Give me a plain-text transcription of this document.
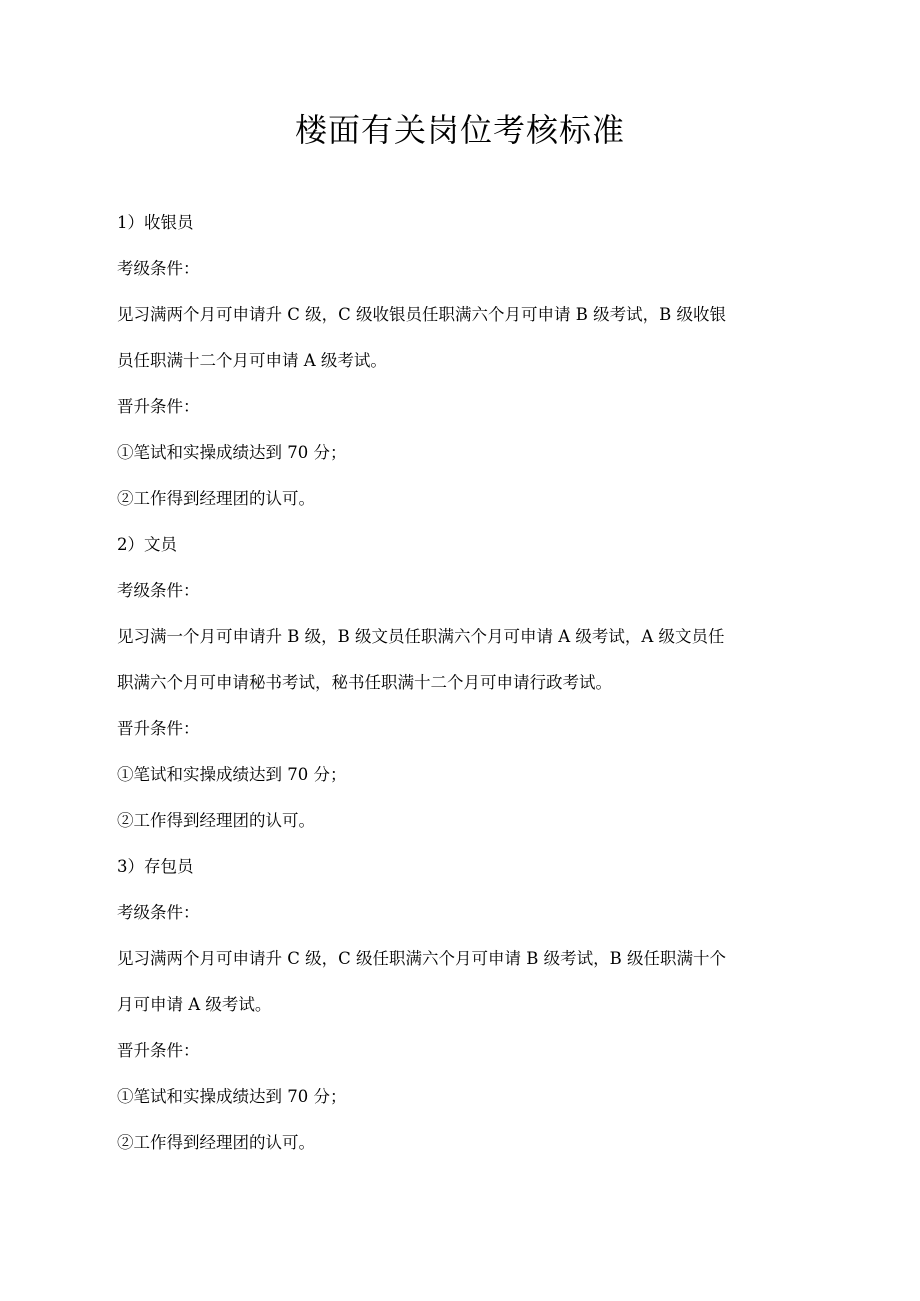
楼面有关岗位考核标准

1）收银员

考级条件：

见习满两个月可申请升 C 级，C 级收银员任职满六个月可申请 B 级考试，B 级收银

员任职满十二个月可申请 A 级考试。

晋升条件：

①笔试和实操成绩达到 70 分；

②工作得到经理团的认可。

2）文员

考级条件：

见习满一个月可申请升 B 级，B 级文员任职满六个月可申请 A 级考试，A 级文员任

职满六个月可申请秘书考试，秘书任职满十二个月可申请行政考试。

晋升条件：

①笔试和实操成绩达到 70 分；

②工作得到经理团的认可。

3）存包员

考级条件：

见习满两个月可申请升 C 级，C 级任职满六个月可申请 B 级考试，B 级任职满十个

月可申请 A 级考试。

晋升条件：

①笔试和实操成绩达到 70 分；

②工作得到经理团的认可。
